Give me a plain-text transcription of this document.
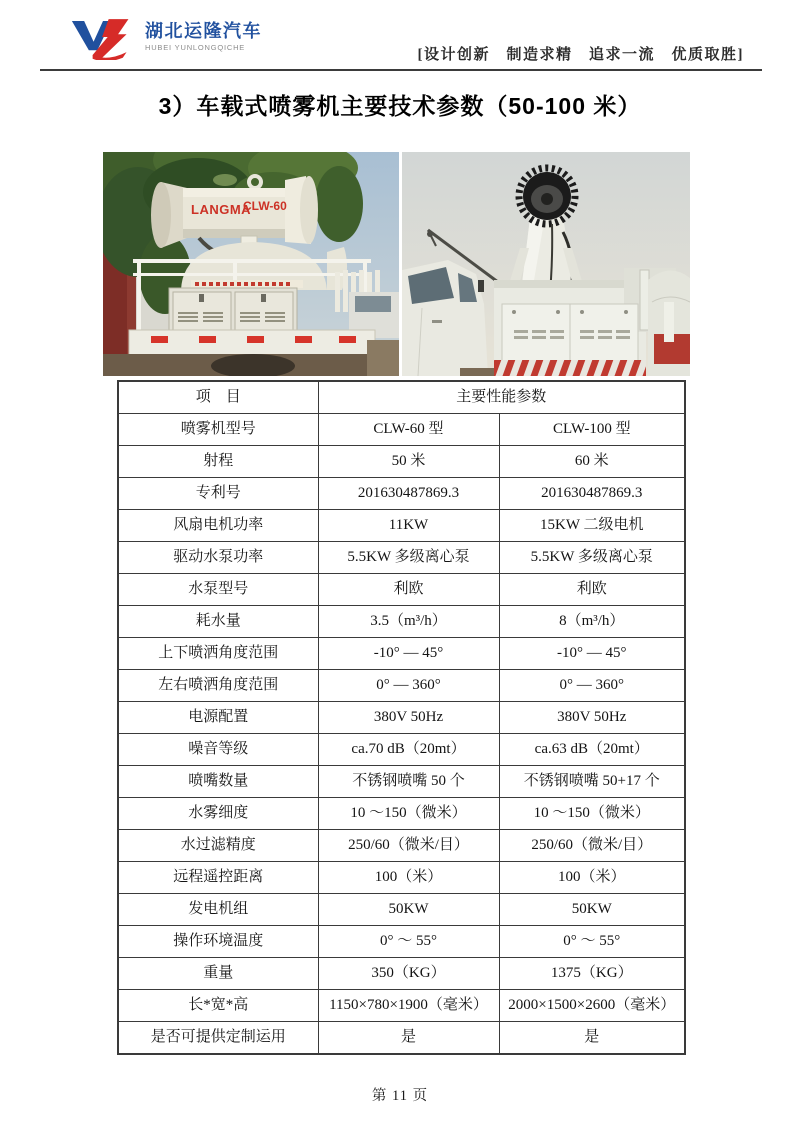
湖北运隆汽车
HUBEI YUNLONGQICHE	[设计创新　制造求精　追求一流　优质取胜]
3）车载式喷雾机主要技术参数（50-100 米）
LANGMA
CLW-60
项　目	主要性能参数	
喷雾机型号	CLW-60 型	CLW-100 型
射程	50 米	60 米
专利号	201630487869.3	201630487869.3
风扇电机功率	11KW	15KW 二级电机
驱动水泵功率	5.5KW 多级离心泵	5.5KW 多级离心泵
水泵型号	利欧	利欧
耗水量	3.5（m³/h）	8（m³/h）
上下喷洒角度范围	-10° — 45°	-10° — 45°
左右喷洒角度范围	0° — 360°	0° — 360°
电源配置	380V 50Hz	380V 50Hz
噪音等级	ca.70 dB（20mt）	ca.63 dB（20mt）
喷嘴数量	不锈钢喷嘴 50 个	不锈钢喷嘴 50+17 个
水雾细度	10 ～150（微米）	10 ～150（微米）
水过滤精度	250/60（微米/目）	250/60（微米/目）
远程遥控距离	100（米）	100（米）
发电机组	50KW	50KW
操作环境温度	0° ～ 55°	0° ～ 55°
重量	350（KG）	1375（KG）
长*宽*高	1150×780×1900（毫米）	2000×1500×2600（毫米）
是否可提供定制运用	是	是
第 11 页
